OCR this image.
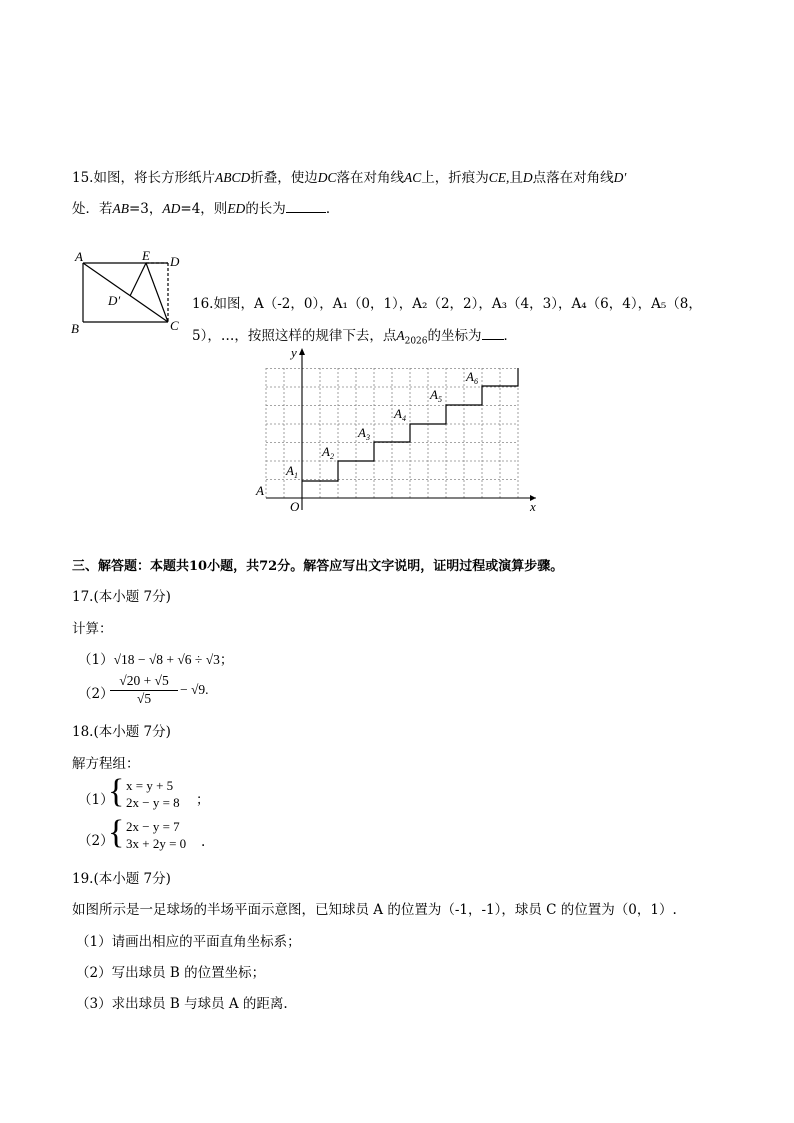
15.如图，将长方形纸片ABCD折叠，使边DC落在对角线AC上，折痕为CE,且D点落在对角线D′
处．若AB=3，AD=4，则ED的长为	．
A	E D
D′
B	C
16.如图，A（-2，0），A₁（0，1），A₂（2，2），A₃（4，3），A₄（6，4），A₅（8，
5），…，按照这样的规律下去，点$A_{2026}$的坐标为 ．
x
y
O
A
$A_1$
$A_2$
$A_3$
$A_4$
$A_5$
$A_6$
三、解答题：本题共10小题，共72分。解答应写出文字说明，证明过程或演算步骤。
17.(本小题 7分)
计算：
（1）√18 − √8 + √6 ÷ √3；
（2）
$\frac{√20 + √5}{√5} - √9$.
18.(本小题 7分)
解方程组：
（1）
{ x = y + 5
2x − y = 8 ；
（2）
{ 2x − y = 7
3x + 2y = 0 .
19.(本小题 7分)
如图所示是一足球场的半场平面示意图，已知球员 A 的位置为（-1，-1），球员 C 的位置为（0，1）.
（1）请画出相应的平面直角坐标系；
（2）写出球员 B 的位置坐标；
（3）求出球员 B 与球员 A 的距离.
